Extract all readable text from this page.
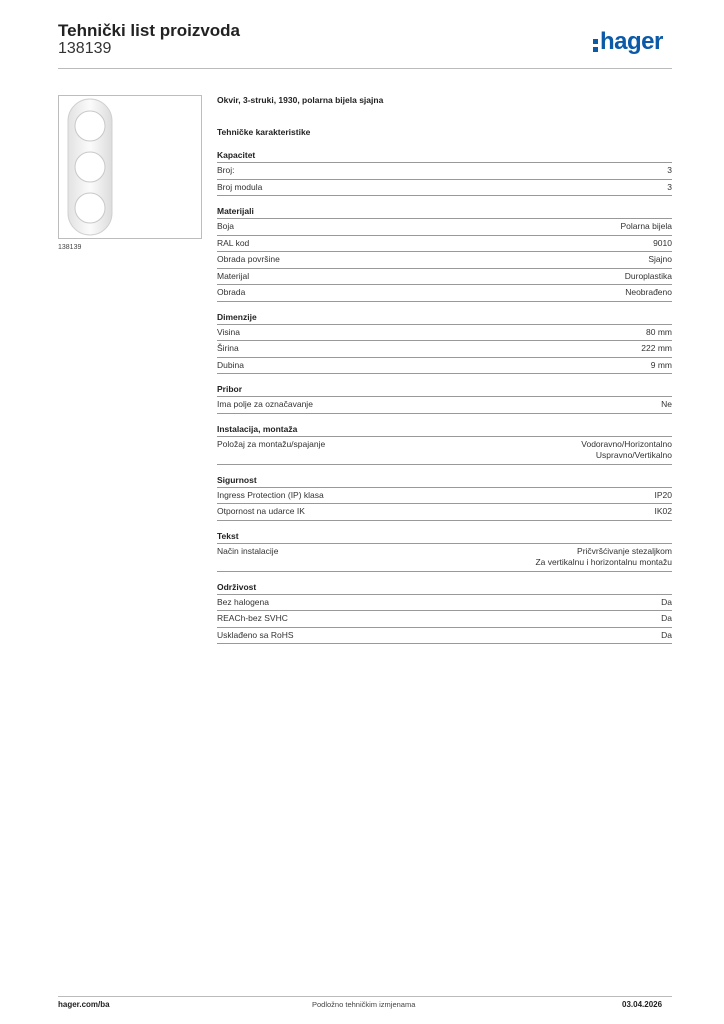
Tehnički list proizvoda
138139	hager
138139
Okvir, 3-struki, 1930, polarna bijela sjajna
Tehničke karakteristike
Kapacitet
Broj:	3
Broj modula	3
Materijali
Boja	Polarna bijela
RAL kod	9010
Obrada površine	Sjajno
Materijal	Duroplastika
Obrada	Neobrađeno
Dimenzije
Visina	80 mm
Širina	222 mm
Dubina	9 mm
Pribor
Ima polje za označavanje	Ne
Instalacija, montaža
Položaj za montažu/spajanje	Vodoravno/Horizontalno
Uspravno/Vertikalno
Sigurnost
Ingress Protection (IP) klasa	IP20
Otpornost na udarce IK	IK02
Tekst
Način instalacije	Pričvršćivanje stezaljkom
Za vertikalnu i horizontalnu montažu
Održivost
Bez halogena	Da
REACh-bez SVHC	Da
Usklađeno sa RoHS	Da
hager.com/ba	Podložno tehničkim izmjenama	03.04.2026
